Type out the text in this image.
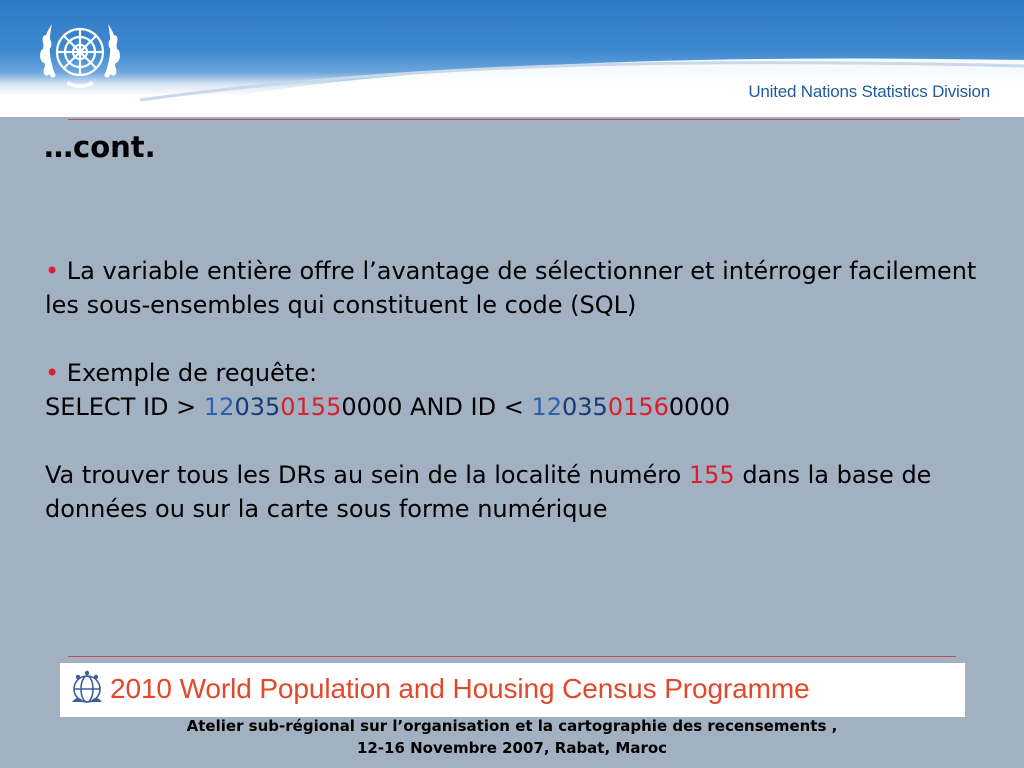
United Nations Statistics Division
…cont.

• La variable entière offre l’avantage de sélectionner et intérroger facilement les sous-ensembles qui constituent le code (SQL)

• Exemple de requête:

SELECT ID > 1203501550000 AND ID < 1203501560000

Va trouver tous les DRs au sein de la localité numéro 155 dans la base de données ou sur la carte sous forme numérique

2010 World Population and Housing Census Programme
Atelier sub-régional sur l’organisation et la cartographie des recensements ,
12-16 Novembre 2007, Rabat, Maroc
